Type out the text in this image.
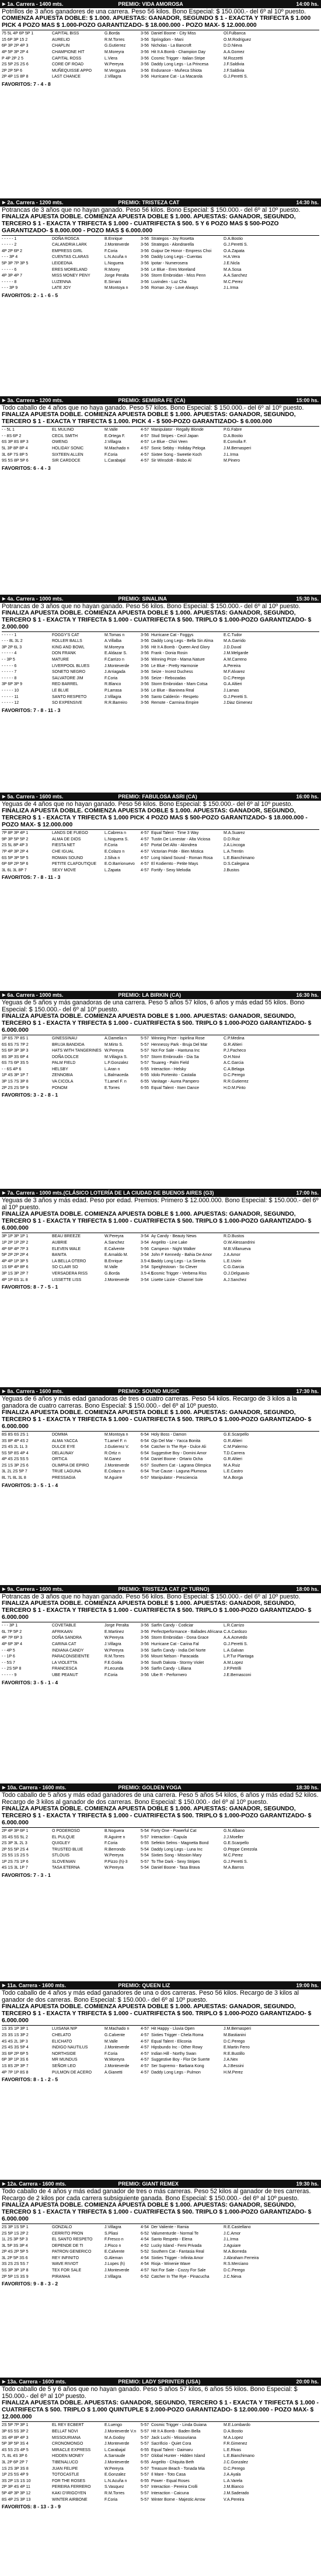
▶ 1a. Carrera - 1400 mts.	PREMIO: VIDA AMOROSA	14:00 hs.

Potrillos de 3 años ganadores de una carrera. Peso 56 kilos. Bono Especial: $ 150.000.- del 6º al 10º puesto.

COMIENZA APUESTA DOBLE: $ 1.000. APUESTAS: GANADOR, SEGUNDO $ 1 - EXACTA Y TRIFECTA $ 1.000 PICK 4 POZO MAS $ 1.000-POZO GARANTIZADO- $ 18.000.000 - POZO MAX- $ 12.000.000

75 5L 4P 6P 5P 1	CAPITAL BISS	G.Borda	3-56	Daniel Boone - City Miss	Ol.Fulbanca
15 6P 3P 15 2	AURELIO	R.M.Torres	3-56	Springdom - Mani	O.M.Rodriguez
6P 3P 2P 4P 3	CHAPLIN	G.Gutierrez	3-56	Nicholas - La Bancroft	D.D.Nieva
4P 5P 3P 2P 4	CHAMPIONE HIT	M.Moreyra	3-56	Hit It A Bomb - Champion Day	A.A.Gomez
P 4P 2P 2 5	CAPITAL ROSS	L.Viera	3-56	Cosmic Trigger - Italian Stripe	M.Rozzetti
2S 5P 2S 2S 6	CORE OF ROAD	W.Pereyra	3-56	Daddy Long Legs - La Princesa	J.F.Saldivia
2P 2P 5P 6	MUÑEQUISSE APPO	M.Verggura	3-56	Endurance - Muñeca Shiota	J.F.Saldivia
2P 4P 1S 8P 8	LAST CHANCE	J.Villagra	3-56	Hurricane Cat - La Macarola	G.J.Peretti S.
FAVORITOS: 7 - 4 - 8
▶ 2a. Carrera - 1200 mts.	PREMIO: TRISTEZA CAT	14:30 hs.

Potrancas de 3 años que no hayan ganado. Peso 56 kilos. Bono Especial: $ 150.000.- del 6º al 10º puesto.

FINALIZA APUESTA DOBLE. COMIENZA APUESTA DOBLE $ 1.000. APUESTAS: GANADOR, SEGUNDO, TERCERO $ 1 - EXACTA Y TRIFECTA $ 1.000 - CUATRIFECTA $ 500. 5 Y 6 POZO MAS $ 500-POZO GARANTIZADO- $ 8.000.000 - POZO MAS $ 6.000.000

- - - - - 1	DOÑA ROSCA	B.Enrique	3-56	Strategos - Joy Rosetta	D.A.Bostio
- - - - - 2	CALANDRIA LARK	J.Monteverde	3-56	Strategos - Alondrarella	G.J.Peretti S.
4P 2P 6P 2	EMPRESS GIRL	F.Coria	3-56	Guipur De Honor - Empress Choi	O.A.Zapata
- - - 3P 4	CUENTAS CLARAS	L.N.Acuña n	3-56	Daddy Long Legs - Cuentas	H.A.Vera
5P 3P 7P 3P 5	LEIDEDNA	L.Noguera	3-56	Ipotar - Numerosera	J.E.Nicla
- - - - - 6	ERES MORELAND	R.Morey	3-56	Le Blue - Eres Moreland	M.A.Sosa
4P 3P 4P 7	MISS MONEY PENY	Jorge Peralta	3-56	Storm Embroidan - Miss Penn	A.A.Sanchez
- - - - - 8	LUZENNA	E.Sirnani	3-56	Luvinden - Luz Cha	M.C.Perez
- - - 3P 9	LATE JOY	M.Montoya n	3-56	Roman Joy - Love Always	J.L.Irma
FAVORITOS: 2 - 1 - 6 - 5
▶ 3a. Carrera - 1200 mts.	PREMIO: SEMBRA FE (CA)	15:00 hs.

Todo caballo de 4 años que no haya ganado. Peso 57 kilos. Bono Especial: $ 150.000.- del 6º al 10º puesto.

FINALIZA APUESTA DOBLE. COMIENZA APUESTA DOBLE $ 1.000. APUESTAS: GANADOR, SEGUNDO, TERCERO $ 1 - EXACTA Y TRIFECTA $ 1.000. PICK 4 - $ 500-POZO GARANTIZADO- $ 6.000.000

- - 5L 1	EL MULINO	M.Valle	4-57	Manipulator - Regally Blonde	P.G.Fabre
- - 8S 6P 2	CECIL SMITH	E.Ortega F.	4-57	Stud Stripes - Cecil Japan	D.A.Bostio
6S 3P 8S 8P 3	OWENG	J.Villagra	4-57	Le Blue - Chiri Veen	E.Comolla F.
5L 3P 8P 8P 4	HOLIDAY SONIC	M.Machado n	4-57	Sonic Sebby - Holiday Peloga	J.M.Bernasperi
3L 6P 7S 8P 5	SIXTEEN ALLEN	F.Coria	4-57	Sixtee Song - Sweetie Koch	J.L.Irma
9S 5S 8P 5P 6	SIR CARDOCE	L.Carabajal	4-57	Sir Winsdolt - Bisbo Al	M.Pinero
FAVORITOS: 6 - 4 - 3
▶ 4a. Carrera - 1000 mts.	PREMIO: SINALINA	15:30 hs.

Potrancas de 3 años que no hayan ganado. Peso 56 kilos. Bono Especial: $ 150.000.- del 6º al 10º puesto.

FINALIZA APUESTA DOBLE. COMIENZA APUESTA DOBLE $ 1.000. APUESTAS: GANADOR, SEGUNDO, TERCERO $ 1 - EXACTA Y TRIFECTA $ 1.000 - CUATRIFECTA $ 500. TRIPLO $ 1.000-POZO GARANTIZADO- $ 2.000.000

- - - - - 1	FOGGY'S CAT	M.Tomas n	3-56	Hurricane Cat - Foggys	E.C.Tudor
- - - 8L 3L 2	ROLLER BALLS	A.Villalba	3-56	Daddy Long Legs - Bella Sin Alma	M.A.Garrido
3P 2P 6L 3	KING AND BOWL	M.Moreyra	3-56	Hit It A Bomb - Queen And Glory	J.D.Duval
- - - - - 4	DON FRANK	E.Aldazar S.	3-56	Frank - Donia Rosin	J.M.Melgarde
- - 3P 5	MATURE	F.Carrizo n	3-56	Winning Prize - Mama Nature	A.M.Carreno
- - - - - 6	LIVERPOOL BLUES	J.Monteverde	3-56	Le Blue - Pretty Harmonie	A.Pereira
- - - - - 7	SONETO NEGRO	J.Arriagada	3-56	Seize - Incest Duchess	M.F.Alvarez
- - - - - 8	SALVATORE JIM	F.Coria	3-56	Seize - Rebozadas	D.C.Perego
3P 6P 3P 9	RED BARREL	R.Blanco	3-56	Storm Embroidan - Mam Cotsa	G.A.Altieri
- - - - - 10	LE BLUE	P.Larrasa	3-56	Le Blue - Bianinea Real	J.Lamas
- - - - - 11	SANTO RESPETO	J.Villagra	3-56	Santo Calderón - Respeto	G.J.Peretti S.
- - - - - 12	SO EXPENSIVE	R.R.Barreiro	3-56	Remote - Carmina Empire	J.Diaz Gimenez
FAVORITOS: 7 - 8 - 11 - 3
▶ 5a. Carrera - 1600 mts.	PREMIO: FABULOSA ASRI (CA)	16:00 hs.

Yeguas de 4 años que no hayan ganado. Peso 56 kilos. Bono Especial: $ 150.000.- del 6º al 10º puesto.

FINALIZA APUESTA DOBLE. COMIENZA APUESTA DOBLE $ 1.000. APUESTAS: GANADOR, SEGUNDO, TERCERO $ 1 - EXACTA Y TRIFECTA $ 1.000 PICK 4 POZO MAS $ 500-POZO GARANTIZADO- $ 18.000.000 - POZO MAX- $ 12.000.000

7P 8P 3P 4P 1	LANDS DE FUEGO	L.Cabrera n	4-57	Equal Talent - Time 3 Way	M.A.Suarez
9P 3P 5P 5P 2	ALMA DE DIOS	L.Noguera S.	4-57	Tustin De Lonestar - Alta Viciosa	D.D.Ruiz
2S 5L 8P 4P 3	FIESTA NET	F.Coria	4-57	Portal Del Alto - Alondrea	J.A.Lincoga
7P 4P 3P 2P 4	CHE IGUAL	E.Colazo n	4-57	Victorian Pride - Bien Mistica	L.A.Trentin
6S 5P 3P 5P 5	ROMAN SOUND	J.Silva n	4-57	Long Island Sound - Roman Rosa	L.E.Bianchimano
6P 6P 2P 5P 6	PETITE CLAFOUTIQUE	E.O.Barrionuevo	4-57	El Kodiemto - Petite Mays	D.S.Calegana
3L 6L 3L 8P 7	SEXY MOVE	L.Zapata	4-57	Fortify - Sexy Melodia	J.Bustos
FAVORITOS: 7 - 8 - 11 - 3
▶ 6a. Carrera - 1000 mts.	PREMIO: LA BIRKIN (CA)	16:30 hs.

Yeguas de 5 años y más ganadoras de una carrera. Peso 5 años 57 kilos, 6 años y más edad 55 kilos. Bono Especial: $ 150.000.- del 6º al 10º puesto.

FINALIZA APUESTA DOBLE. COMIENZA APUESTA DOBLE $ 1.000. APUESTAS: GANADOR, SEGUNDO, TERCERO $ 1 - EXACTA Y TRIFECTA $ 1.000 - CUATRIFECTA $ 500. TRIPLO $ 1.000-POZO GARANTIZADO- $ 6.000.000

1P 6S 7P 8S 1	GINESSINAU	A.Damelia n	5-57	Winning Prize - Ispirlina Rose	C.P.Medina
6S 6S 7S 7P 2	BRUJA BANDIDA	M.Mirto S.	5-57	Hennessy Park - Bruja Del Mar	G.R.Altieri
5S 6P 3P 3P 3	HATS WITH TANGERINES	W.Pereyra	5-57	Not For Sale - Hantuna Inc	P.J.Pacheco
8S 3P 3S 6P 4	DOÑA DOLCE	M.Villagra S.	5-57	Storm Embroudin - Dia Sa	O.H.Novi
6S 7S 6P 3S 5	PALM FIELD	L.F.Gonzalez	5-57	Touareg - Palm Field	A.C.Garcia
- - 6S 4P 6	HELSBY	L.Aran n	6-55	Interaction - Helsky	C.A.Belaga
1P 4S 3P 1P 7	ZENNOBIA	L.Balmaceda	6-55	Idolo Portenito - Castalia	D.C.Perego
3P 1S 7S 3P 8	VA CICOLA	T.Lamel F. n	6-55	Vanitage - Aurea Pampero	R.R.Gutierrez
2P 2S 2S 5P 9	PONOM	E.Torres	6-55	Equal Talent - Itsen Dance	H.D.M.Pinto
FAVORITOS: 3 - 2 - 8 - 1
▶ 7a. Carrera - 1000 mts.(CLÁSICO LOTERÍA DE LA CIUDAD DE BUENOS AIRES (G3)	17:00 hs.

Yeguas de 3 años y más edad. Peso por edad. Premios: Primero $ 12.000.000. Bono Especial: $ 150.000.- del 6º al 10º puesto.

FINALIZA APUESTA DOBLE. COMIENZA APUESTA DOBLE $ 1.000. APUESTAS: GANADOR, SEGUNDO, TERCERO $ 1 - EXACTA Y TRIFECTA $ 1.000 - CUATRIFECTA $ 500. TRIPLO $ 1.000-POZO GARANTIZADO- $ 6.000.000

3P 1P 3P 1P 1	BEAU BREEZE	W.Pereyra	3-54	Ay Candy - Beauty News	R.D.Bustos
1P 2P 1P 2P 2	AUBRIE	A.Sanchez	3-54	Angelito - Line Lake	O.W.Alessandrini
4P 6P 4P 7P 3	ELEVEN WALE	E.Calvente	5-56	Campeon - Night Walker	M.B.Villanueva
5P 2P 2P 2P 4	BANITA	E.Arnaldo M.	3-54	John F Kennedy - Bahia De Amor	J.A.Amor
4P 4P 1P 3P 5	LA BELLA OTERO	B.Enrique	3.5-4.5	Daddy Long Legs - La Sirerita	L.E.Usirin
1S 6P 4P 8P 6	SO CLAIR SO	M.Valle	3-54	Speightstown - So Clever	C.G.Garcia
3P 1S 3P 2P 7	VERSADERA RISS	G.Borda	3.5-4.5	Cosmic Trigger - Verbena Riss	O.J.Delguavio
4P 1P 6S 1L 8	LISSETTE LISS	J.Monteverde	3-54	Lisette Lizzie - Channel Sole	A.J.Sanchez
FAVORITOS: 8 - 7 - 5 - 1
▶ 8a. Carrera - 1600 mts.	PREMIO: SOUND MUSIC	17:30 hs.

Yeguas de 6 años y más edad ganadoras de tres o cuatro carreras. Peso 54 kilos. Recargo de 3 kilos a la ganadora de cuatro carreras. Bono Especial: $ 150.000.- del 6º al 10º puesto.

FINALIZA APUESTA DOBLE. COMIENZA APUESTA DOBLE $ 1.000. APUESTAS: GANADOR, SEGUNDO, TERCERO $ 1 - EXACTA Y TRIFECTA $ 1.000 - CUATRIFECTA $ 500. TRIPLO $ 1.000-POZO GARANTIZADO- $ 6.000.000

8S 8S 6S 2S 1	DOMMA	M.Montoya n	6-54	Holy Boss - Damon	G.E.Scarpello
3S 8P 4P 4S 2	ALMA YACCA	T.Lamel F. n	6-54	Ojo Del Mar - Yacca Bonita	G.R.Altieri
2S 4S 2L 1L 3	DULCE EYE	J.Gutierrez V.	6-54	Catcher In The Rye - Dulce Ali	C.M.Palermo
5S 5P 8S 4P 4	DELAUNAY	R.Ortiz n	6-54	Suggestive Boy - Domini Amor	T.D.Carrera
4P 4S 2S 5S 5	ORTICA	M.Ganez	6-54	Daniel Boone - Ortario Ocha	G.R.Altieri
2S 1S 3P 2S 6	OLIMPIA DE EPIRO	J.Monteverde	6-57	Southern Cat - Lagrana Olimpica	M.A.Ruiz
3L 2L 2S 5P 7	TRUE LAGUNA	E.Colazo n	6-54	True Cause - Laguna Plumosa	L.E.Castro
8L 7L 8L 3L 8	PRESSAGIA	M.Aguirre	6-57	Manipulator - Presciencia	M.A.Borga
FAVORITOS: 3 - 5 - 1 - 4
▶ 9a. Carrera - 1600 mts.	PREMIO: TRISTEZA CAT (2º TURNO)	18:00 hs.

Potrancas de 3 años que no hayan ganado. Peso 56 kilos. Bono Especial: $ 150.000.- del 6º al 10º puesto.

FINALIZA APUESTA DOBLE. COMIENZA APUESTA DOBLE $ 1.000. APUESTAS: GANADOR, SEGUNDO, TERCERO $ 1 - EXACTA Y TRIFECTA $ 1.000 - CUATRIFECTA $ 500. TRIPLO $ 1.000-POZO GARANTIZADO- $ 6.000.000

- - - 3P 1	COVETABLE	Jorge Peralta	3-56	Sarfin Candy - Codiciar	L.R.Carrizo
6L 7P 5P 2	AFRIKAAN	E.Martinez	3-56	Perfectperformance - Ballades Africana	C.A.Cardozo
4P 7P 6P 3	DOÑA SANDRA	W.Pereyra	3-56	Storm Embroidan - Dona Grace	A.A.Acevedo
4P 6P 3P 4	CARINA CAT	J.Villagra	3-56	Hurricane Cat - Carina Fal	G.J.Peretti S.
- - 4P 5	INDIANA CANDY	W.Pereyra	3-56	Sarfin Candy - India Del Norte	L.A.Galvan
- - 1P 6	PARACONSEIENTE	R.M.Torres	3-56	Mount Nelson - Paracaida	L.P.Tur Plantaga
- - 5S 7	LA VIOLETTA	F.E.Goitia	3-56	South Dakota - Stormy Violet	A.M.Lopez
- - 2S 5P 8	FRANCESCA	P.Lecunda	3-56	Sarfin Candy - Lilliana	J.P.Petrilli
- - - - - 9	UBE PEANUT	F.Coria	3-56	Ube R - Performero	J.E.Bernasconi
FAVORITOS: 3 - 5 - 1 - 4
▶ 10a. Carrera - 1600 mts.	PREMIO: GOLDEN YOGA	18:30 hs.

Todo caballo de 5 años y más edad ganadores de una carrera. Peso 5 años 54 kilos, 6 años y más edad 52 kilos. Recargo de 3 kilos al ganador de dos carreras. Bono Especial: $ 150.000.- del 6º al 10º puesto.

FINALIZA APUESTA DOBLE. COMIENZA APUESTA DOBLE $ 1.000. APUESTAS: GANADOR, SEGUNDO, TERCERO $ 1 - EXACTA Y TRIFECTA $ 1.000 - CUATRIFECTA $ 500. TRIPLO $ 1.000-POZO GARANTIZADO- $ 6.000.000

2P 4P 3P 6P 1	O PODEROSO	B.Noguera	5-54	Forty One - Powerful Cat	G.N.Albano
3S 4S 5S 5L 2	EL PULQUE	R.Aguirre n	5-57	Interaction - Capula	J.J.Moeller
2S 3P 3L 2L 3	QUIGLEY	F.Coria	6-55	Sefekin Selms - Magnetta Bond	G.E.Scarpello
2P 5S 5P 2S 4	TRUSTED BLUE	R.Berrondo	5-54	Daddy Long Legs - Luna Inc	O.Peppe Cerezola
2S 5S 1S 2S 5	STLOUIS	W.Pereyra	5-54	Sixties Song - Mission Mary	M.C.Perez
1P 2S 7S 1P 6	SLOVENIAN	P.Pizzo (h)-3	5-57	To The Dark - Sexy Stripes	G.J.Peretti S.
4S 1S 3L 1P 7	TASA ETERNA	W.Pereyra	5-54	Daniel Boone - Tasa Brava	M.A.Barros
FAVORITOS: 7 - 3 - 1
▶ 11a. Carrera - 1600 mts.	PREMIO: QUEEN LIZ	19:00 hs.

Todo caballo de 4 años y más edad ganadores de una o dos carreras. Peso 56 kilos. Recargo de 3 kilos al ganador de dos carreras. Bono Especial: $ 150.000.- del 6º al 10º puesto.

FINALIZA APUESTA DOBLE. COMIENZA APUESTA DOBLE $ 1.000. APUESTAS: GANADOR, SEGUNDO, TERCERO $ 1 - EXACTA Y TRIFECTA $ 1.000 - CUATRIFECTA $ 500. TRIPLO $ 1.000-POZO GARANTIZADO- $ 6.000.000

1S 3S 1P 3P 1	LUISANA NIP	M.Machado n	4-57	Hit Happy - Lluvia Open	J.M.Bernasperi
2S 3S 1S 3P 2	CHELATO	G.Calvente	4-57	Sixties Trigger - Chela Roma	M.Bastianini
4S 4S 2L 3P 3	ELICHATO	M.Valle	4-57	Equal Talent - Eliconia	D.C.Perego
2S 4S 3S 5P 4	INDIGO NAUTILUS	J.Monteverde	4-57	Hipsbundo Inc - Other Rowy	E.Martin Ferro
3S 6P 2P 6P 5	NORTHSIDE	F.Coria	4-57	Indian Hill - Northy Swan	R.E.Bustillo
6P 3P 1P 3S 6	MR MUNDUS	W.Moreyra	4-57	Suggestive Boy - Flor De Suerte	J.A.Nex
1S 8S 2P 3P 7	SEÑOR LEO	J.Monteverde	4-57	Ser Supremo - Barbara Kong	A.J.Bessini
4P 7P 1P 8S 8	PULMON DE ACERO	A.Gianetti	4-57	Daddy Long Legs - Pulmon	H.M.Perez
FAVORITOS: 8 - 1 - 2 - 5
▶ 12a. Carrera - 1600 mts.	PREMIO: GIANT REMEX	19:30 hs.

Todo caballo de 4 años y más edad ganador de tres o más carreras. Peso 52 kilos al ganador de tres carreras. Recargo de 2 kilos por cada carrera subsiguiente ganada. Bono Especial: $ 150.000.- del 6º al 10º puesto.

FINALIZA APUESTA DOBLE. COMIENZA APUESTA DOBLE $ 1.000. APUESTAS: GANADOR, SEGUNDO, TERCERO $ 1 - EXACTA Y TRIFECTA $ 1.000 - CUATRIFECTA $ 500. TRIPLO $ 1.000-POZO GARANTIZADO- $ 6.000.000

2S 3P 1S 5P 1	GONZALO	J.Villagra	4-54	Der Valiente - Ramia	R.E.Castellano
2S 5P 1S 2P 2	CERRITO PRON	S.Pliasi	6-52	Valumenturde - Normal Te	J.C.Amor
1L 2S 3P 5P 3	EL SANTO RESPETO	F.Fresco n	4-54	Santo Respeto - Elena	J.L.Irma
3L 5P 3S 3P 4	DEPENDE DE TI	J.Pisco n	4-52	Lucky Island - Femi Privada	J.Aguiare
2P 4S 2P 5P 5	PATRON GENERICO	E.Calvente	5-52	Southern Cat - Fantasia Real	M.A.Borreda
3L 2P 5P 3S 6	REY INFINITO	G.Aleman	4-54	Sixties Trigger - Infinita Amor	J.Abraham Ferreira
3S 2S 2S 5S 7	WAVE RIVIOT	J.Lopes (h)	4-54	Rioja - Winenie Wave	R.S.Merciano
5S 3P 3P 1P 8	TEX FOR SALE	J.Monteverde	4-57	Not For Sale - Cozzy For Sale	D.C.Perego
2P 5P 1S 3S 9	PIRANHA	J.Villagra	6-52	Catcher In The Rye - Pinacucha	J.C.Nieva
FAVORITOS: 9 - 8 - 3 - 2
▶ 13a. Carrera - 1600 mts.	PREMIO: LADY SPRINTER (USA)	20:00 hs.

Todo caballo de 5 y 6 años que no hayan ganado. Peso 5 años 57 kilos, 6 años 55 kilos. Bono Especial: $ 150.000.- del 6º al 10º puesto.

FINALIZA APUESTA DOBLE. APUESTAS: GANADOR, SEGUNDO, TERCERO $ 1 - EXACTA Y TRIFECTA $ 1.000 - CUATRIFECTA $ 500. TRIPLO $ 1.000 QUINTUPLE $ 2.000-POZO GARANTIZADO- $ 12.000.000 - POZO MAX- $ 12.000.000

2S 5P 7P 3P 1	EL REY ECBERT	E.Luengo	5-57	Cosmic Trigger - Linda Guiana	M.E.Lombardo
3P 6S 5S 3P 2	BELLAT NOVI	J.Monteverde V.n	5-57	Hit It A Bomb - Baden Bella	D.A.Bostio
3S 4P 8P 4P 3	MISSOURIANA	M.A.Godoy	5-57	Jack Luchi - Missouriana	M.A.Lopez
5P 3P 5P 3S 4	CRONOMONGO	J.Monteverde	5-57	Sacrificio - Quiet Cora	F.R.Gimenez
4S 5S 2S 4P 5	MIRACLE EXPRESS	L.Carabajal	6-55	Equal Talent - Daimaru	L.E.Rivas
7L 8L 4S 3P 6	HIDDEN MONEY	A.Sarraude	5-57	Global Hunter - Hidden Island	L.E.Bianchimano
3L 2P 6P 2P 7	TIBENALUCO	J.Monteverde	6-55	Angelito - Chiquita Beth	J.C.Gonzalez
1S 2S 3P 3S 8	JUAN FELIPE	W.Pereyra	5-57	Treasure Beach - Tonada Mia	D.C.Perego
1P 2S 5S 4P 9	TOTOCASTLE	E.Gonzalez	5-57	Il Mare - Toto Casa	J.A.Ayala
3S 2P 1S 1S 10	FOR THE ROSES	L.N.Acuña n	6-55	Power - Equal Roses	L.A.Varela
2P 3P 4S 4P 11	PEREIRA FERRERO	S.Vasquez	5-57	Interaction - Pereira Crolli	J.M.Bianco
5P 4P 3P 3P 12	KAKI D'IRIGOYEN	R.M.Torres	5-57	Interaction - Caicuna	J.M.Saderado
8S 4P 2S 3P 13	WINTER AIRBONE	F.Coria	5-57	Winter Borne - Majestic Arrow	V.A.Pereira
FAVORITOS: 8 - 13 - 3 - 9
